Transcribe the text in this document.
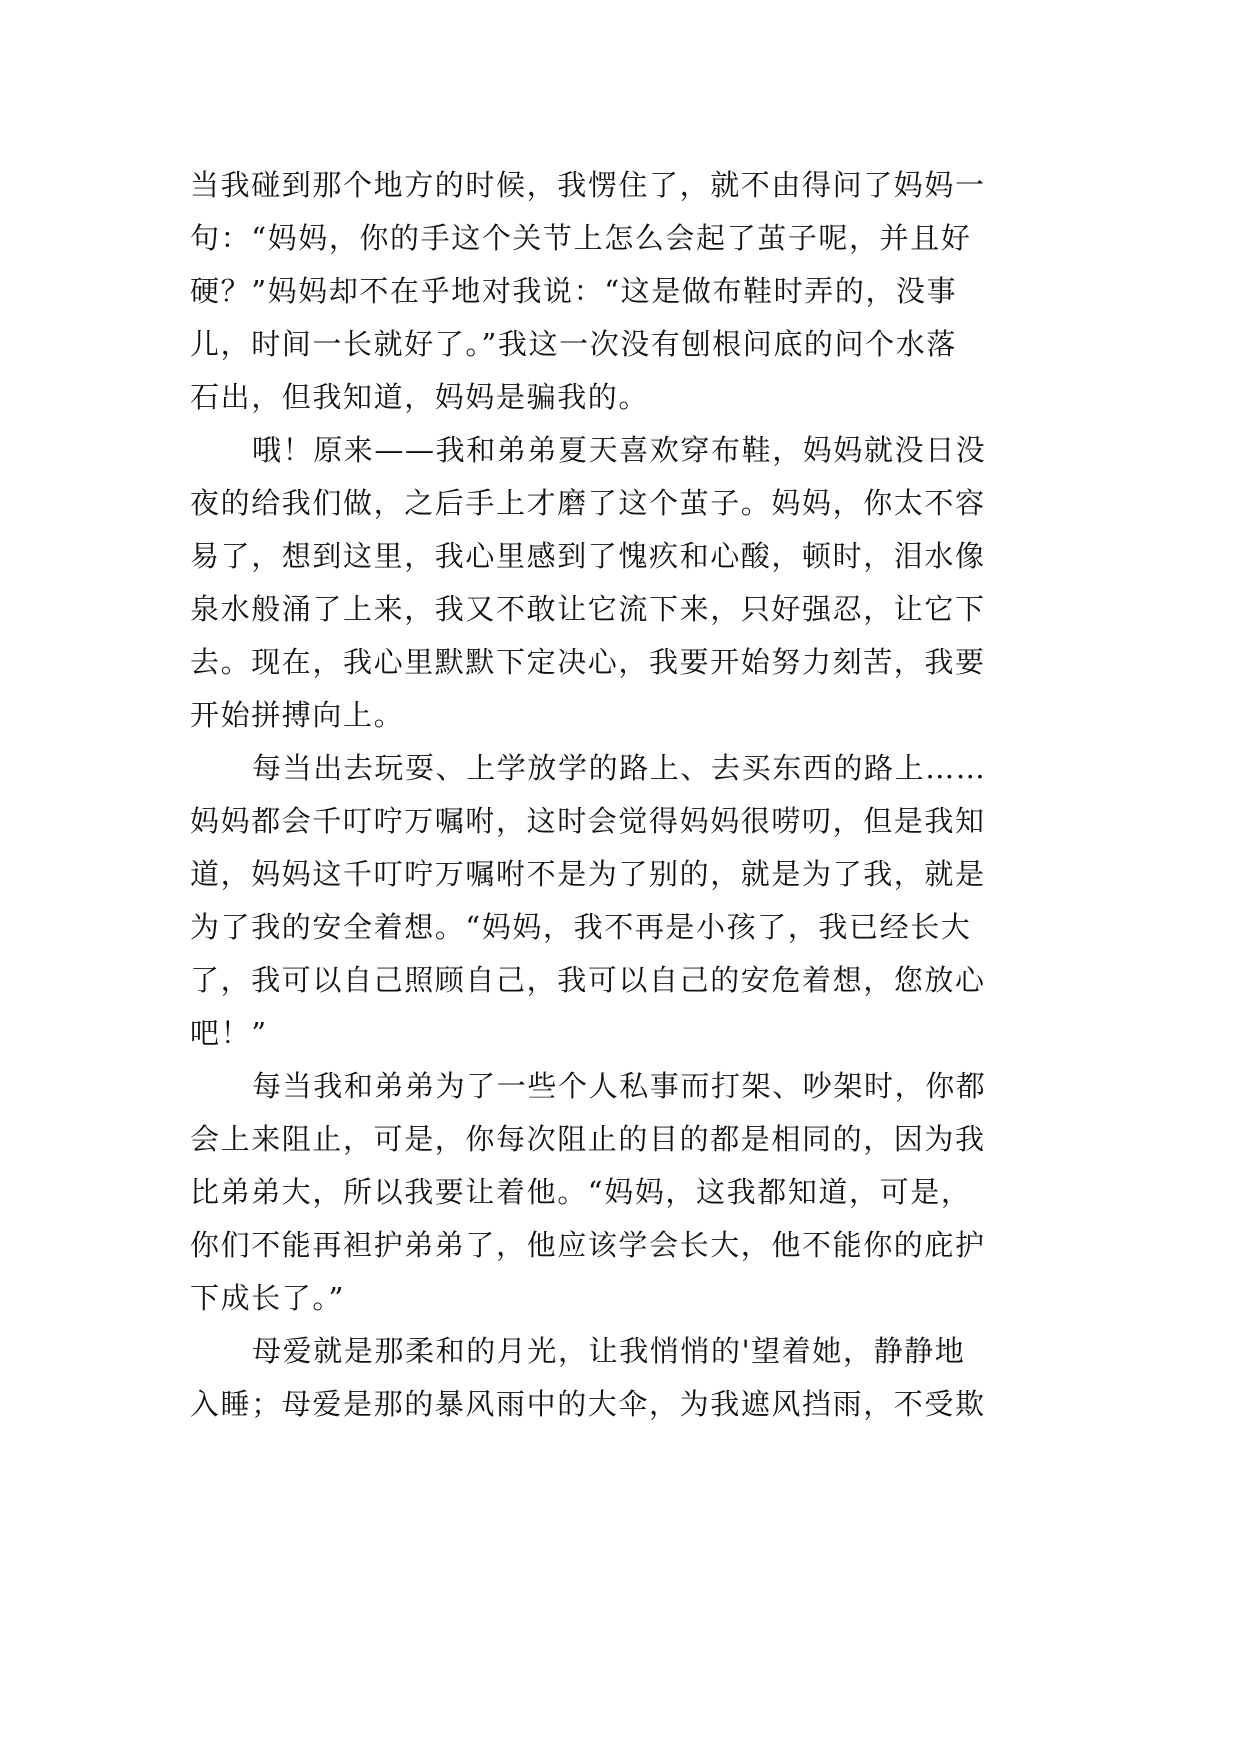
当我碰到那个地方的时候，我愣住了，就不由得问了妈妈一
句：“妈妈，你的手这个关节上怎么会起了茧子呢，并且好
硬？”妈妈却不在乎地对我说：“这是做布鞋时弄的，没事
儿，时间一长就好了。”我这一次没有刨根问底的问个水落
石出，但我知道，妈妈是骗我的。
哦！原来——我和弟弟夏天喜欢穿布鞋，妈妈就没日没
夜的给我们做，之后手上才磨了这个茧子。妈妈，你太不容
易了，想到这里，我心里感到了愧疚和心酸，顿时，泪水像
泉水般涌了上来，我又不敢让它流下来，只好强忍，让它下
去。现在，我心里默默下定决心，我要开始努力刻苦，我要
开始拼搏向上。
每当出去玩耍、上学放学的路上、去买东西的路上……
妈妈都会千叮咛万嘱咐，这时会觉得妈妈很唠叨，但是我知
道，妈妈这千叮咛万嘱咐不是为了别的，就是为了我，就是
为了我的安全着想。“妈妈，我不再是小孩了，我已经长大
了，我可以自己照顾自己，我可以自己的安危着想，您放心
吧！”
每当我和弟弟为了一些个人私事而打架、吵架时，你都
会上来阻止，可是，你每次阻止的目的都是相同的，因为我
比弟弟大，所以我要让着他。“妈妈，这我都知道，可是，
你们不能再袒护弟弟了，他应该学会长大，他不能你的庇护
下成长了。”
母爱就是那柔和的月光，让我悄悄的'望着她，静静地
入睡；母爱是那的暴风雨中的大伞，为我遮风挡雨，不受欺
